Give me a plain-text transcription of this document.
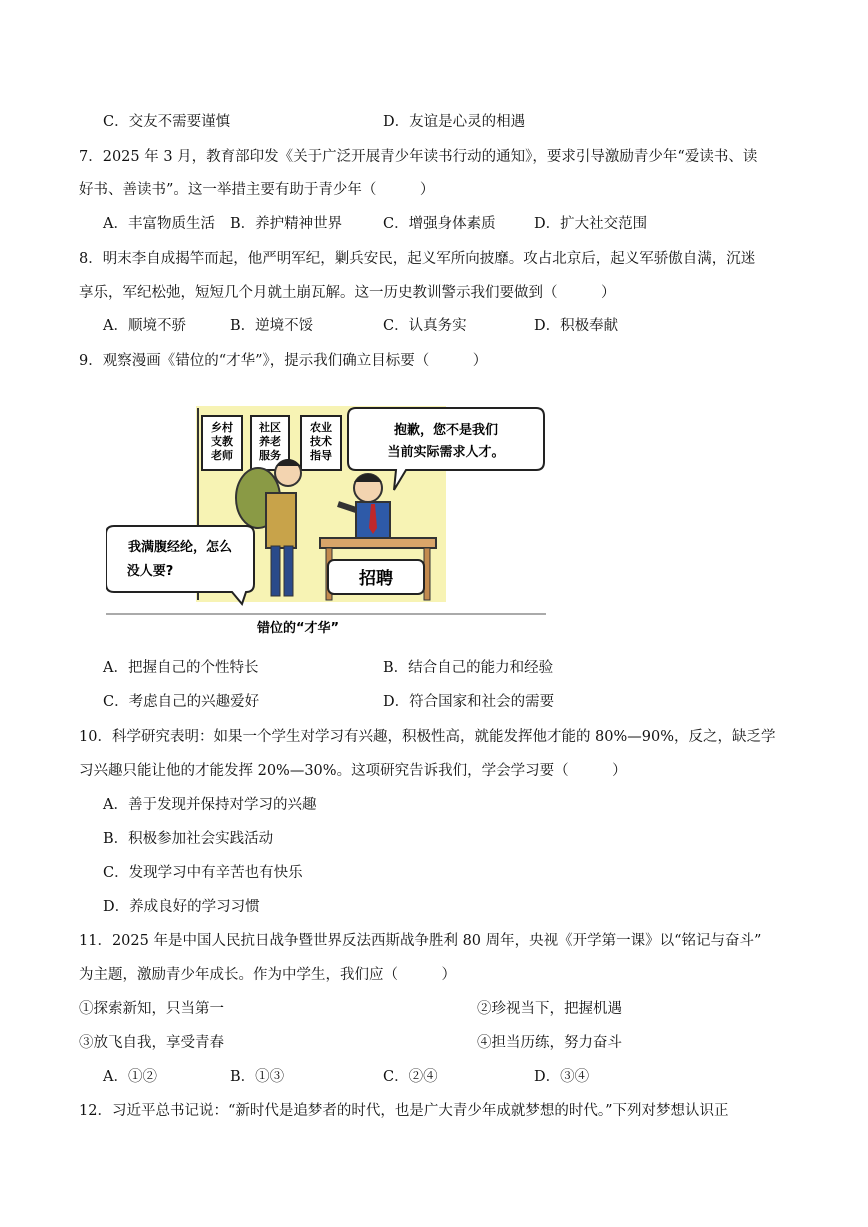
C．交友不需要谨慎	D．友谊是心灵的相遇
7．2025 年 3 月，教育部印发《关于广泛开展青少年读书行动的通知》，要求引导激励青少年“爱读书、读
好书、善读书”。这一举措主要有助于青少年（　　　）
A．丰富物质生活 B．养护精神世界	C．增强身体素质	D．扩大社交范围
8．明末李自成揭竿而起，他严明军纪，剿兵安民，起义军所向披靡。攻占北京后，起义军骄傲自满，沉迷
享乐，军纪松弛，短短几个月就土崩瓦解。这一历史教训警示我们要做到（　　　）
A．顺境不骄	B．逆境不馁	C．认真务实	D．积极奉献
9．观察漫画《错位的“才华”》，提示我们确立目标要（　　　）
乡村
支教
老师
社区
养老
服务
农业
技术
指导
抱歉，您不是我们
当前实际需求人才。
招聘
我满腹经纶，怎么
没人要?
错位的“才华”
A．把握自己的个性特长	B．结合自己的能力和经验
C．考虑自己的兴趣爱好	D．符合国家和社会的需要
10．科学研究表明：如果一个学生对学习有兴趣，积极性高，就能发挥他才能的 80%—90%，反之，缺乏学
习兴趣只能让他的才能发挥 20%—30%。这项研究告诉我们，学会学习要（　　　）
A．善于发现并保持对学习的兴趣
B．积极参加社会实践活动
C．发现学习中有辛苦也有快乐
D．养成良好的学习习惯
11．2025 年是中国人民抗日战争暨世界反法西斯战争胜利 80 周年，央视《开学第一课》以“铭记与奋斗”
为主题，激励青少年成长。作为中学生，我们应（　　　）
①探索新知，只当第一	②珍视当下，把握机遇
③放飞自我，享受青春	④担当历练，努力奋斗
A．①②	B．①③	C．②④	D．③④
12．习近平总书记说：“新时代是追梦者的时代，也是广大青少年成就梦想的时代。”下列对梦想认识正
